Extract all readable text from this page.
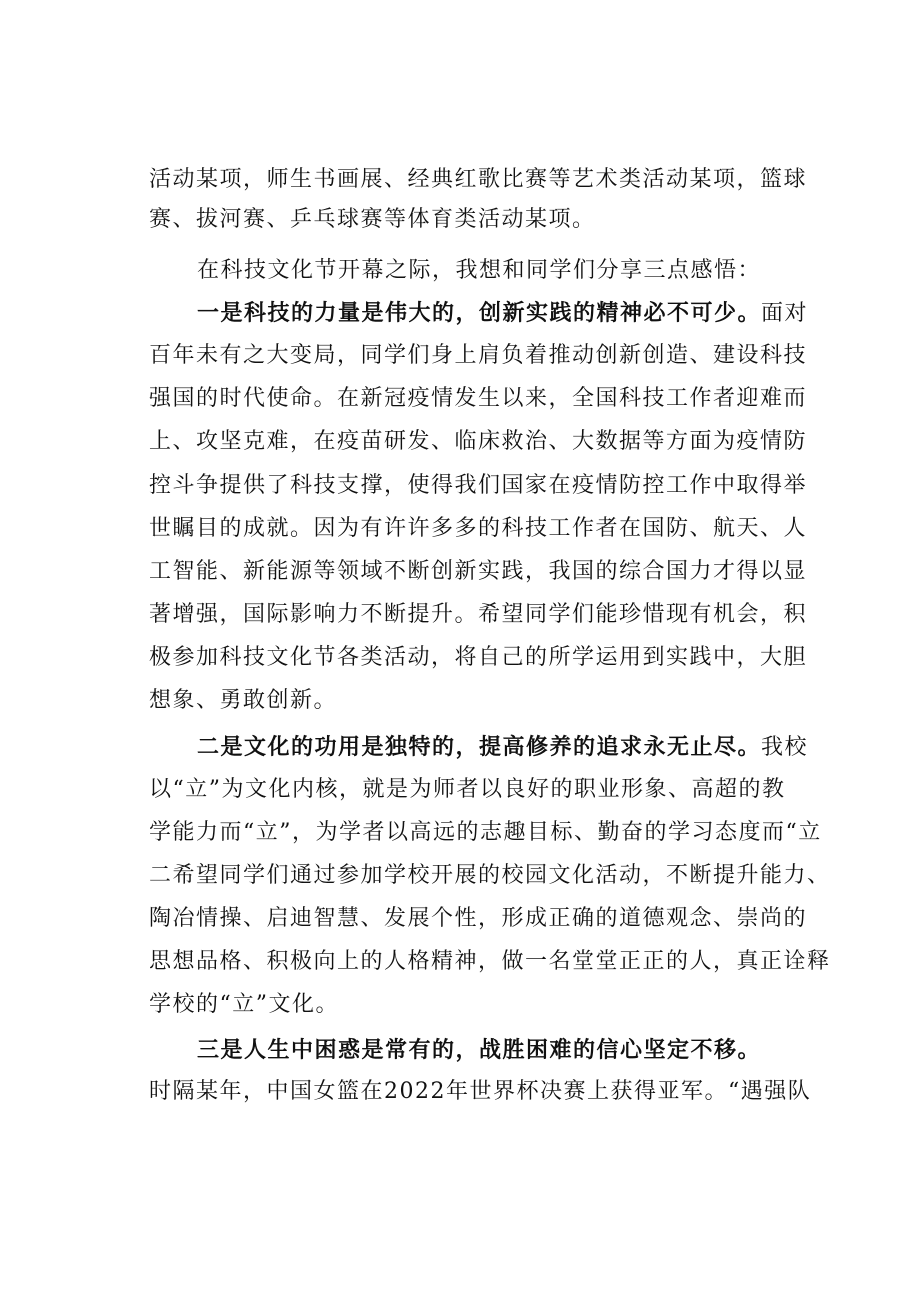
活动某项，师生书画展、经典红歌比赛等艺术类活动某项，篮球
赛、拔河赛、乒乓球赛等体育类活动某项。
在科技文化节开幕之际，我想和同学们分享三点感悟：
一是科技的力量是伟大的，创新实践的精神必不可少。面对
百年未有之大变局，同学们身上肩负着推动创新创造、建设科技
强国的时代使命。在新冠疫情发生以来，全国科技工作者迎难而
上、攻坚克难，在疫苗研发、临床救治、大数据等方面为疫情防
控斗争提供了科技支撑，使得我们国家在疫情防控工作中取得举
世瞩目的成就。因为有许许多多的科技工作者在国防、航天、人
工智能、新能源等领域不断创新实践，我国的综合国力才得以显
著增强，国际影响力不断提升。希望同学们能珍惜现有机会，积
极参加科技文化节各类活动，将自己的所学运用到实践中，大胆
想象、勇敢创新。
二是文化的功用是独特的，提高修养的追求永无止尽。我校
以“立”为文化内核，就是为师者以良好的职业形象、高超的教
学能力而“立”，为学者以高远的志趣目标、勤奋的学习态度而“立
二希望同学们通过参加学校开展的校园文化活动，不断提升能力、
陶冶情操、启迪智慧、发展个性，形成正确的道德观念、崇尚的
思想品格、积极向上的人格精神，做一名堂堂正正的人，真正诠释
学校的“立”文化。
三是人生中困惑是常有的，战胜困难的信心坚定不移。
时隔某年，中国女篮在2022年世界杯决赛上获得亚军。“遇强队
